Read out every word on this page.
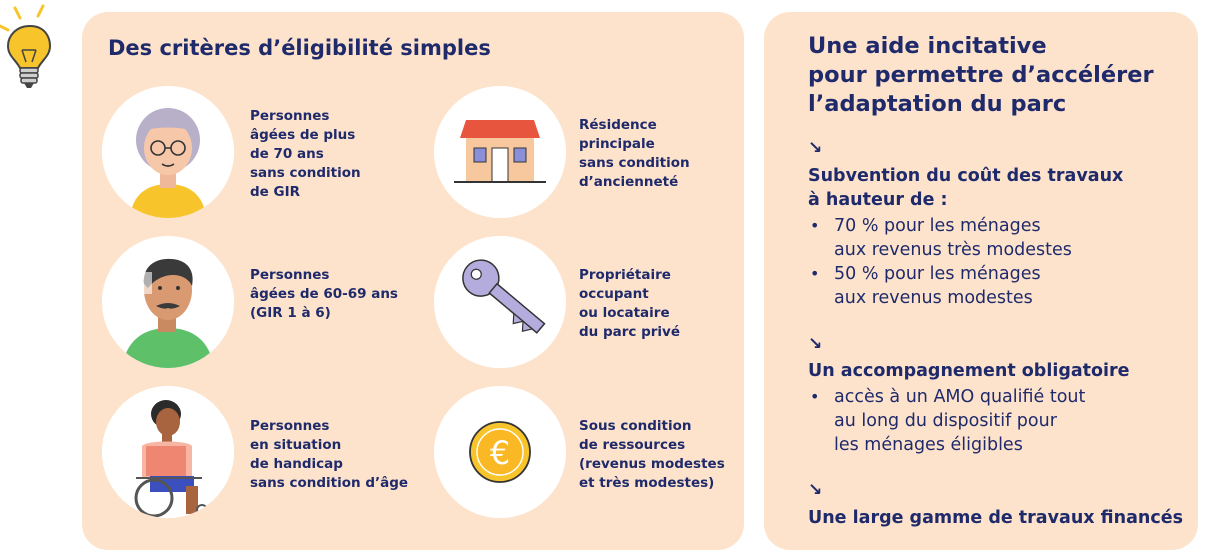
Des critères d’éligibilité simples
Personnes
âgées de plus
de 70 ans
sans condition
de GIR
Résidence
principale
sans condition
d’ancienneté
Personnes
âgées de 60-69 ans
(GIR 1 à 6)
Propriétaire
occupant
ou locataire
du parc privé
Personnes
en situation
de handicap
sans condition d’âge
€
Sous condition
de ressources
(revenus modestes
et très modestes)
Une aide incitative
pour permettre d’accélérer
l’adaptation du parc
↘
Subvention du coût des travaux
à hauteur de :
• 70 % pour les ménages
aux revenus très modestes
• 50 % pour les ménages
aux revenus modestes
↘
Un accompagnement obligatoire
• accès à un AMO qualifié tout
au long du dispositif pour
les ménages éligibles
↘
Une large gamme de travaux financés
